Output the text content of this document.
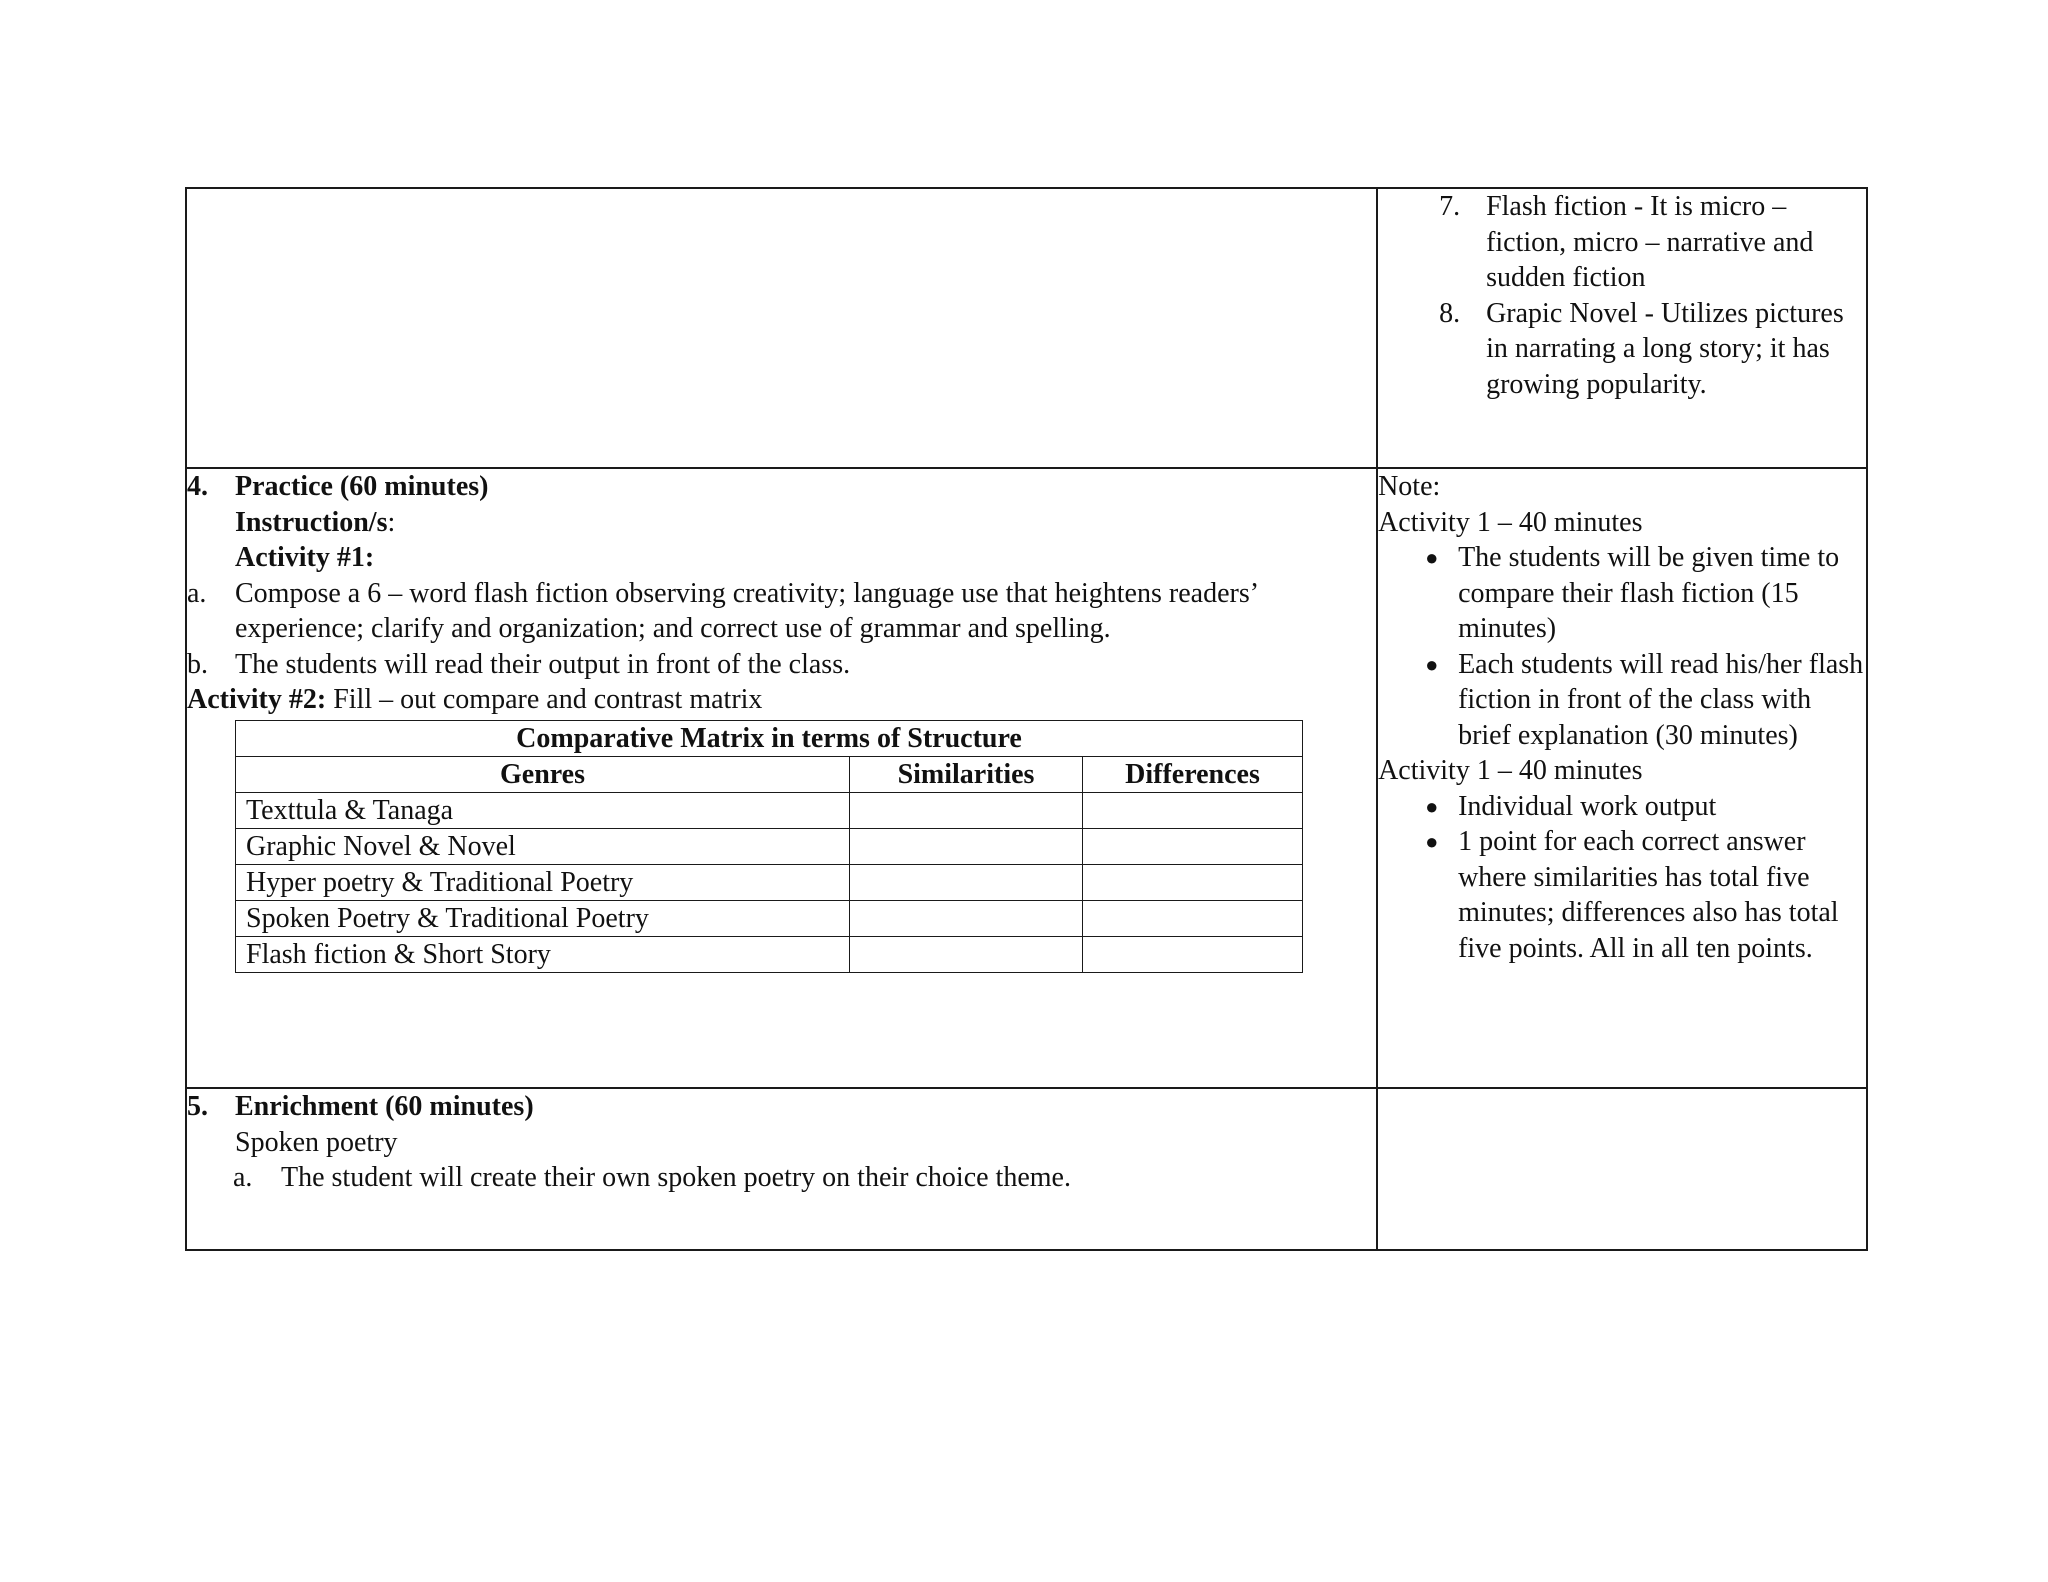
7. Flash fiction - It is micro – fiction, micro – narrative and sudden fiction
8. Grapic Novel - Utilizes pictures in narrating a long story; it has growing popularity.

4. Practice (60 minutes)
Instruction/s:
Activity #1:
a. Compose a 6 – word flash fiction observing creativity; language use that heightens readers’ experience; clarify and organization; and correct use of grammar and spelling.
b. The students will read their output in front of the class.
Activity #2: Fill – out compare and contrast matrix
Comparative Matrix in terms of Structure
Genres	Similarities	Differences
Texttula & Tanaga		
Graphic Novel & Novel		
Hyper poetry & Traditional Poetry		
Spoken Poetry & Traditional Poetry		
Flash fiction & Short Story		

Note:
Activity 1 – 40 minutes
● The students will be given time to compare their flash fiction (15 minutes)
● Each students will read his/her flash fiction in front of the class with brief explanation (30 minutes)
Activity 1 – 40 minutes
● Individual work output
● 1 point for each correct answer where similarities has total five minutes; differences also has total five points. All in all ten points.

5. Enrichment (60 minutes)
Spoken poetry
a. The student will create their own spoken poetry on their choice theme.
